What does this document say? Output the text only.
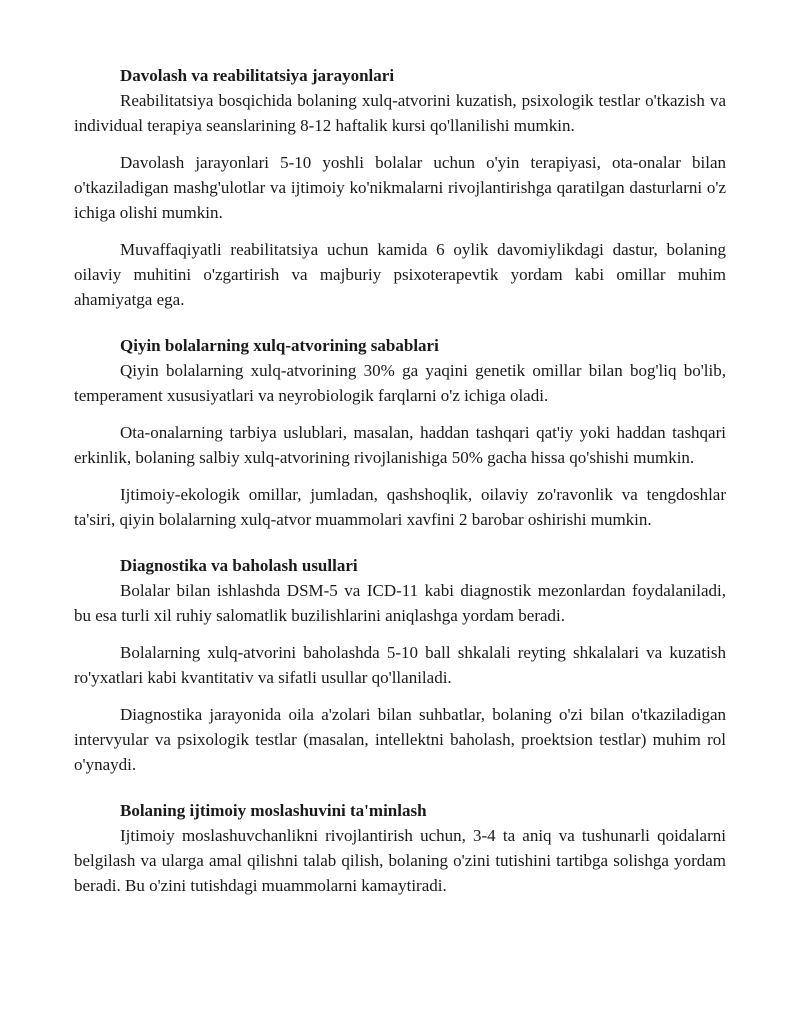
Davolash va reabilitatsiya jarayonlari

Reabilitatsiya bosqichida bolaning xulq-atvorini kuzatish, psixologik testlar o'tkazish va individual terapiya seanslarining 8-12 haftalik kursi qo'llanilishi mumkin.

Davolash jarayonlari 5-10 yoshli bolalar uchun o'yin terapiyasi, ota-onalar bilan o'tkaziladigan mashg'ulotlar va ijtimoiy ko'nikmalarni rivojlantirishga qaratilgan dasturlarni o'z ichiga olishi mumkin.

Muvaffaqiyatli reabilitatsiya uchun kamida 6 oylik davomiylikdagi dastur, bolaning oilaviy muhitini o'zgartirish va majburiy psixoterapevtik yordam kabi omillar muhim ahamiyatga ega.

Qiyin bolalarning xulq-atvorining sabablari

Qiyin bolalarning xulq-atvorining 30% ga yaqini genetik omillar bilan bog'liq bo'lib, temperament xususiyatlari va neyrobiologik farqlarni o'z ichiga oladi.

Ota-onalarning tarbiya uslublari, masalan, haddan tashqari qat'iy yoki haddan tashqari erkinlik, bolaning salbiy xulq-atvorining rivojlanishiga 50% gacha hissa qo'shishi mumkin.

Ijtimoiy-ekologik omillar, jumladan, qashshoqlik, oilaviy zo'ravonlik va tengdoshlar ta'siri, qiyin bolalarning xulq-atvor muammolari xavfini 2 barobar oshirishi mumkin.

Diagnostika va baholash usullari

Bolalar bilan ishlashda DSM-5 va ICD-11 kabi diagnostik mezonlardan foydalaniladi, bu esa turli xil ruhiy salomatlik buzilishlarini aniqlashga yordam beradi.

Bolalarning xulq-atvorini baholashda 5-10 ball shkalali reyting shkalalari va kuzatish ro'yxatlari kabi kvantitativ va sifatli usullar qo'llaniladi.

Diagnostika jarayonida oila a'zolari bilan suhbatlar, bolaning o'zi bilan o'tkaziladigan intervyular va psixologik testlar (masalan, intellektni baholash, proektsion testlar) muhim rol o'ynaydi.

Bolaning ijtimoiy moslashuvini ta'minlash

Ijtimoiy moslashuvchanlikni rivojlantirish uchun, 3-4 ta aniq va tushunarli qoidalarni belgilash va ularga amal qilishni talab qilish, bolaning o'zini tutishini tartibga solishga yordam beradi. Bu o'zini tutishdagi muammolarni kamaytiradi.
